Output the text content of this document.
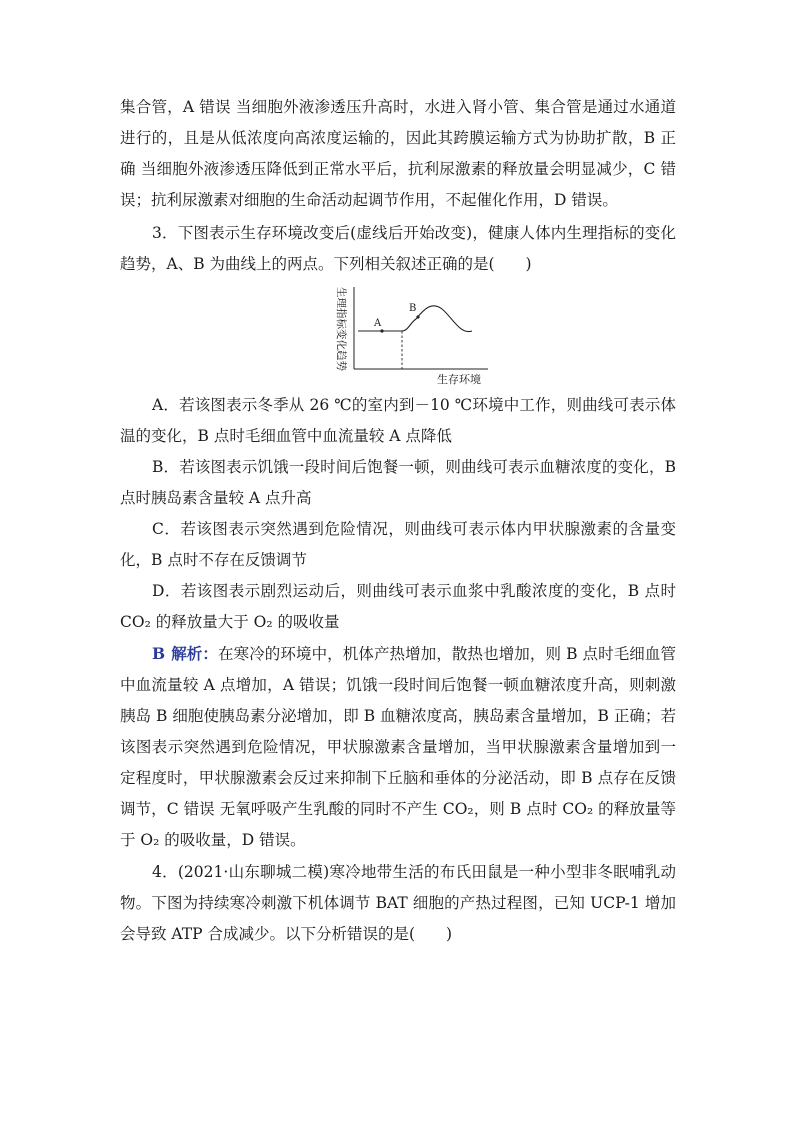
集合管，A 错误 当细胞外液渗透压升高时，水进入肾小管、集合管是通过水通道进行的，且是从低浓度向高浓度运输的，因此其跨膜运输方式为协助扩散，B 正确 当细胞外液渗透压降低到正常水平后，抗利尿激素的释放量会明显减少，C 错误；抗利尿激素对细胞的生命活动起调节作用，不起催化作用，D 错误。
3．下图表示生存环境改变后(虚线后开始改变)，健康人体内生理指标的变化趋势，A、B 为曲线上的两点。下列相关叙述正确的是(　　)
生理指标变化趋势	A
B
生存环境
A．若该图表示冬季从 26 ℃的室内到－10 ℃环境中工作，则曲线可表示体温的变化，B 点时毛细血管中血流量较 A 点降低
B．若该图表示饥饿一段时间后饱餐一顿，则曲线可表示血糖浓度的变化，B 点时胰岛素含量较 A 点升高
C．若该图表示突然遇到危险情况，则曲线可表示体内甲状腺激素的含量变化，B 点时不存在反馈调节
D．若该图表示剧烈运动后，则曲线可表示血浆中乳酸浓度的变化，B 点时 CO₂ 的释放量大于 O₂ 的吸收量
B 解析：在寒冷的环境中，机体产热增加，散热也增加，则 B 点时毛细血管中血流量较 A 点增加，A 错误；饥饿一段时间后饱餐一顿血糖浓度升高，则刺激胰岛 B 细胞使胰岛素分泌增加，即 B 血糖浓度高，胰岛素含量增加，B 正确；若该图表示突然遇到危险情况，甲状腺激素含量增加，当甲状腺激素含量增加到一定程度时，甲状腺激素会反过来抑制下丘脑和垂体的分泌活动，即 B 点存在反馈调节，C 错误 无氧呼吸产生乳酸的同时不产生 CO₂，则 B 点时 CO₂ 的释放量等于 O₂ 的吸收量，D 错误。
4．(2021·山东聊城二模)寒冷地带生活的布氏田鼠是一种小型非冬眠哺乳动物。下图为持续寒冷刺激下机体调节 BAT 细胞的产热过程图，已知 UCP-1 增加会导致 ATP 合成减少。以下分析错误的是(　　)
